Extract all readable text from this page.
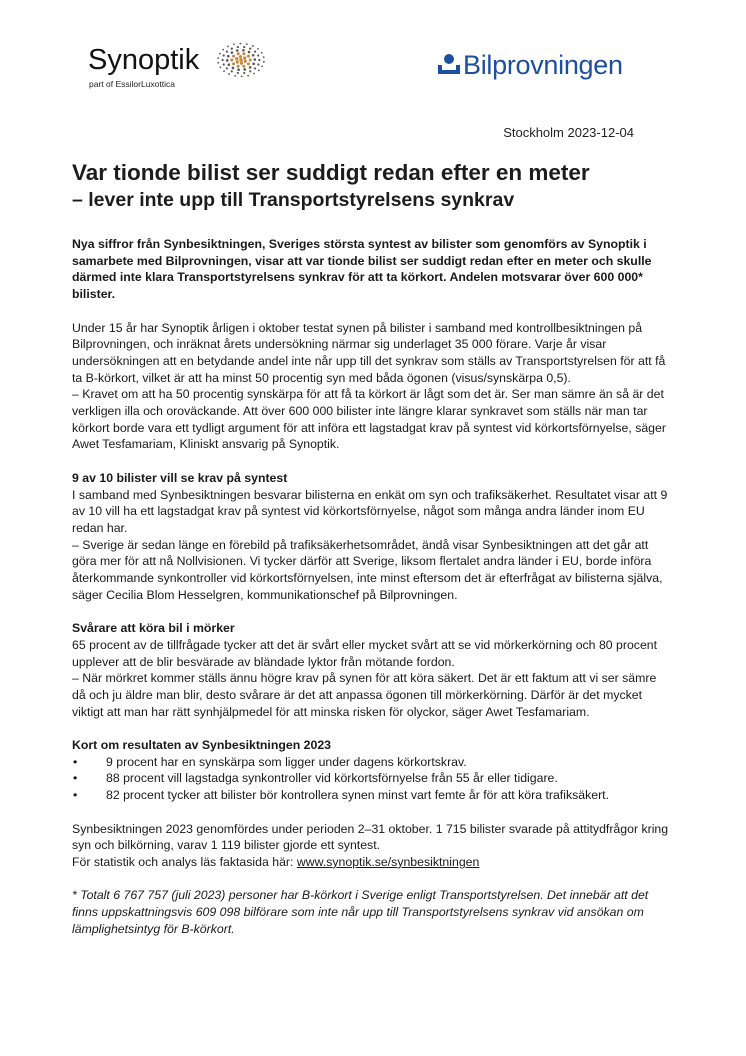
Synoptik
part of EssilorLuxottica
Bilprovningen
Stockholm 2023-12-04
Var tionde bilist ser suddigt redan efter en meter
– lever inte upp till Transportstyrelsens synkrav

Nya siffror från Synbesiktningen, Sveriges största syntest av bilister som genomförs av Synoptik i samarbete med Bilprovningen, visar att var tionde bilist ser suddigt redan efter en meter och skulle därmed inte klara Transportstyrelsens synkrav för att ta körkort. Andelen motsvarar över 600 000* bilister.

Under 15 år har Synoptik årligen i oktober testat synen på bilister i samband med kontrollbesiktningen på Bilprovningen, och inräknat årets undersökning närmar sig underlaget 35 000 förare. Varje år visar undersökningen att en betydande andel inte når upp till det synkrav som ställs av Transportstyrelsen för att få ta B-körkort, vilket är att ha minst 50 procentig syn med båda ögonen (visus/synskärpa 0,5).

– Kravet om att ha 50 procentig synskärpa för att få ta körkort är lågt som det är. Ser man sämre än så är det verkligen illa och oroväckande. Att över 600 000 bilister inte längre klarar synkravet som ställs när man tar körkort borde vara ett tydligt argument för att införa ett lagstadgat krav på syntest vid körkortsförnyelse, säger Awet Tesfamariam, Kliniskt ansvarig på Synoptik.

9 av 10 bilister vill se krav på syntest

I samband med Synbesiktningen besvarar bilisterna en enkät om syn och trafiksäkerhet. Resultatet visar att 9 av 10 vill ha ett lagstadgat krav på syntest vid körkortsförnyelse, något som många andra länder inom EU redan har.

– Sverige är sedan länge en förebild på trafiksäkerhetsområdet, ändå visar Synbesiktningen att det går att göra mer för att nå Nollvisionen. Vi tycker därför att Sverige, liksom flertalet andra länder i EU, borde införa återkommande synkontroller vid körkortsförnyelsen, inte minst eftersom det är efterfrågat av bilisterna själva, säger Cecilia Blom Hesselgren, kommunikationschef på Bilprovningen.

Svårare att köra bil i mörker

65 procent av de tillfrågade tycker att det är svårt eller mycket svårt att se vid mörkerkörning och 80 procent upplever att de blir besvärade av bländade lyktor från mötande fordon.

– När mörkret kommer ställs ännu högre krav på synen för att köra säkert. Det är ett faktum att vi ser sämre då och ju äldre man blir, desto svårare är det att anpassa ögonen till mörkerkörning. Därför är det mycket viktigt att man har rätt synhjälpmedel för att minska risken för olyckor, säger Awet Tesfamariam.

Kort om resultaten av Synbesiktningen 2023

• 9 procent har en synskärpa som ligger under dagens körkortskrav.
• 88 procent vill lagstadga synkontroller vid körkortsförnyelse från 55 år eller tidigare.
• 82 procent tycker att bilister bör kontrollera synen minst vart femte år för att köra trafiksäkert.

Synbesiktningen 2023 genomfördes under perioden 2–31 oktober. 1 715 bilister svarade på attitydfrågor kring syn och bilkörning, varav 1 119 bilister gjorde ett syntest.

För statistik och analys läs faktasida här: www.synoptik.se/synbesiktningen

* Totalt 6 767 757 (juli 2023) personer har B-körkort i Sverige enligt Transportstyrelsen. Det innebär att det finns uppskattningsvis 609 098 bilförare som inte når upp till Transportstyrelsens synkrav vid ansökan om lämplighetsintyg för B-körkort.
